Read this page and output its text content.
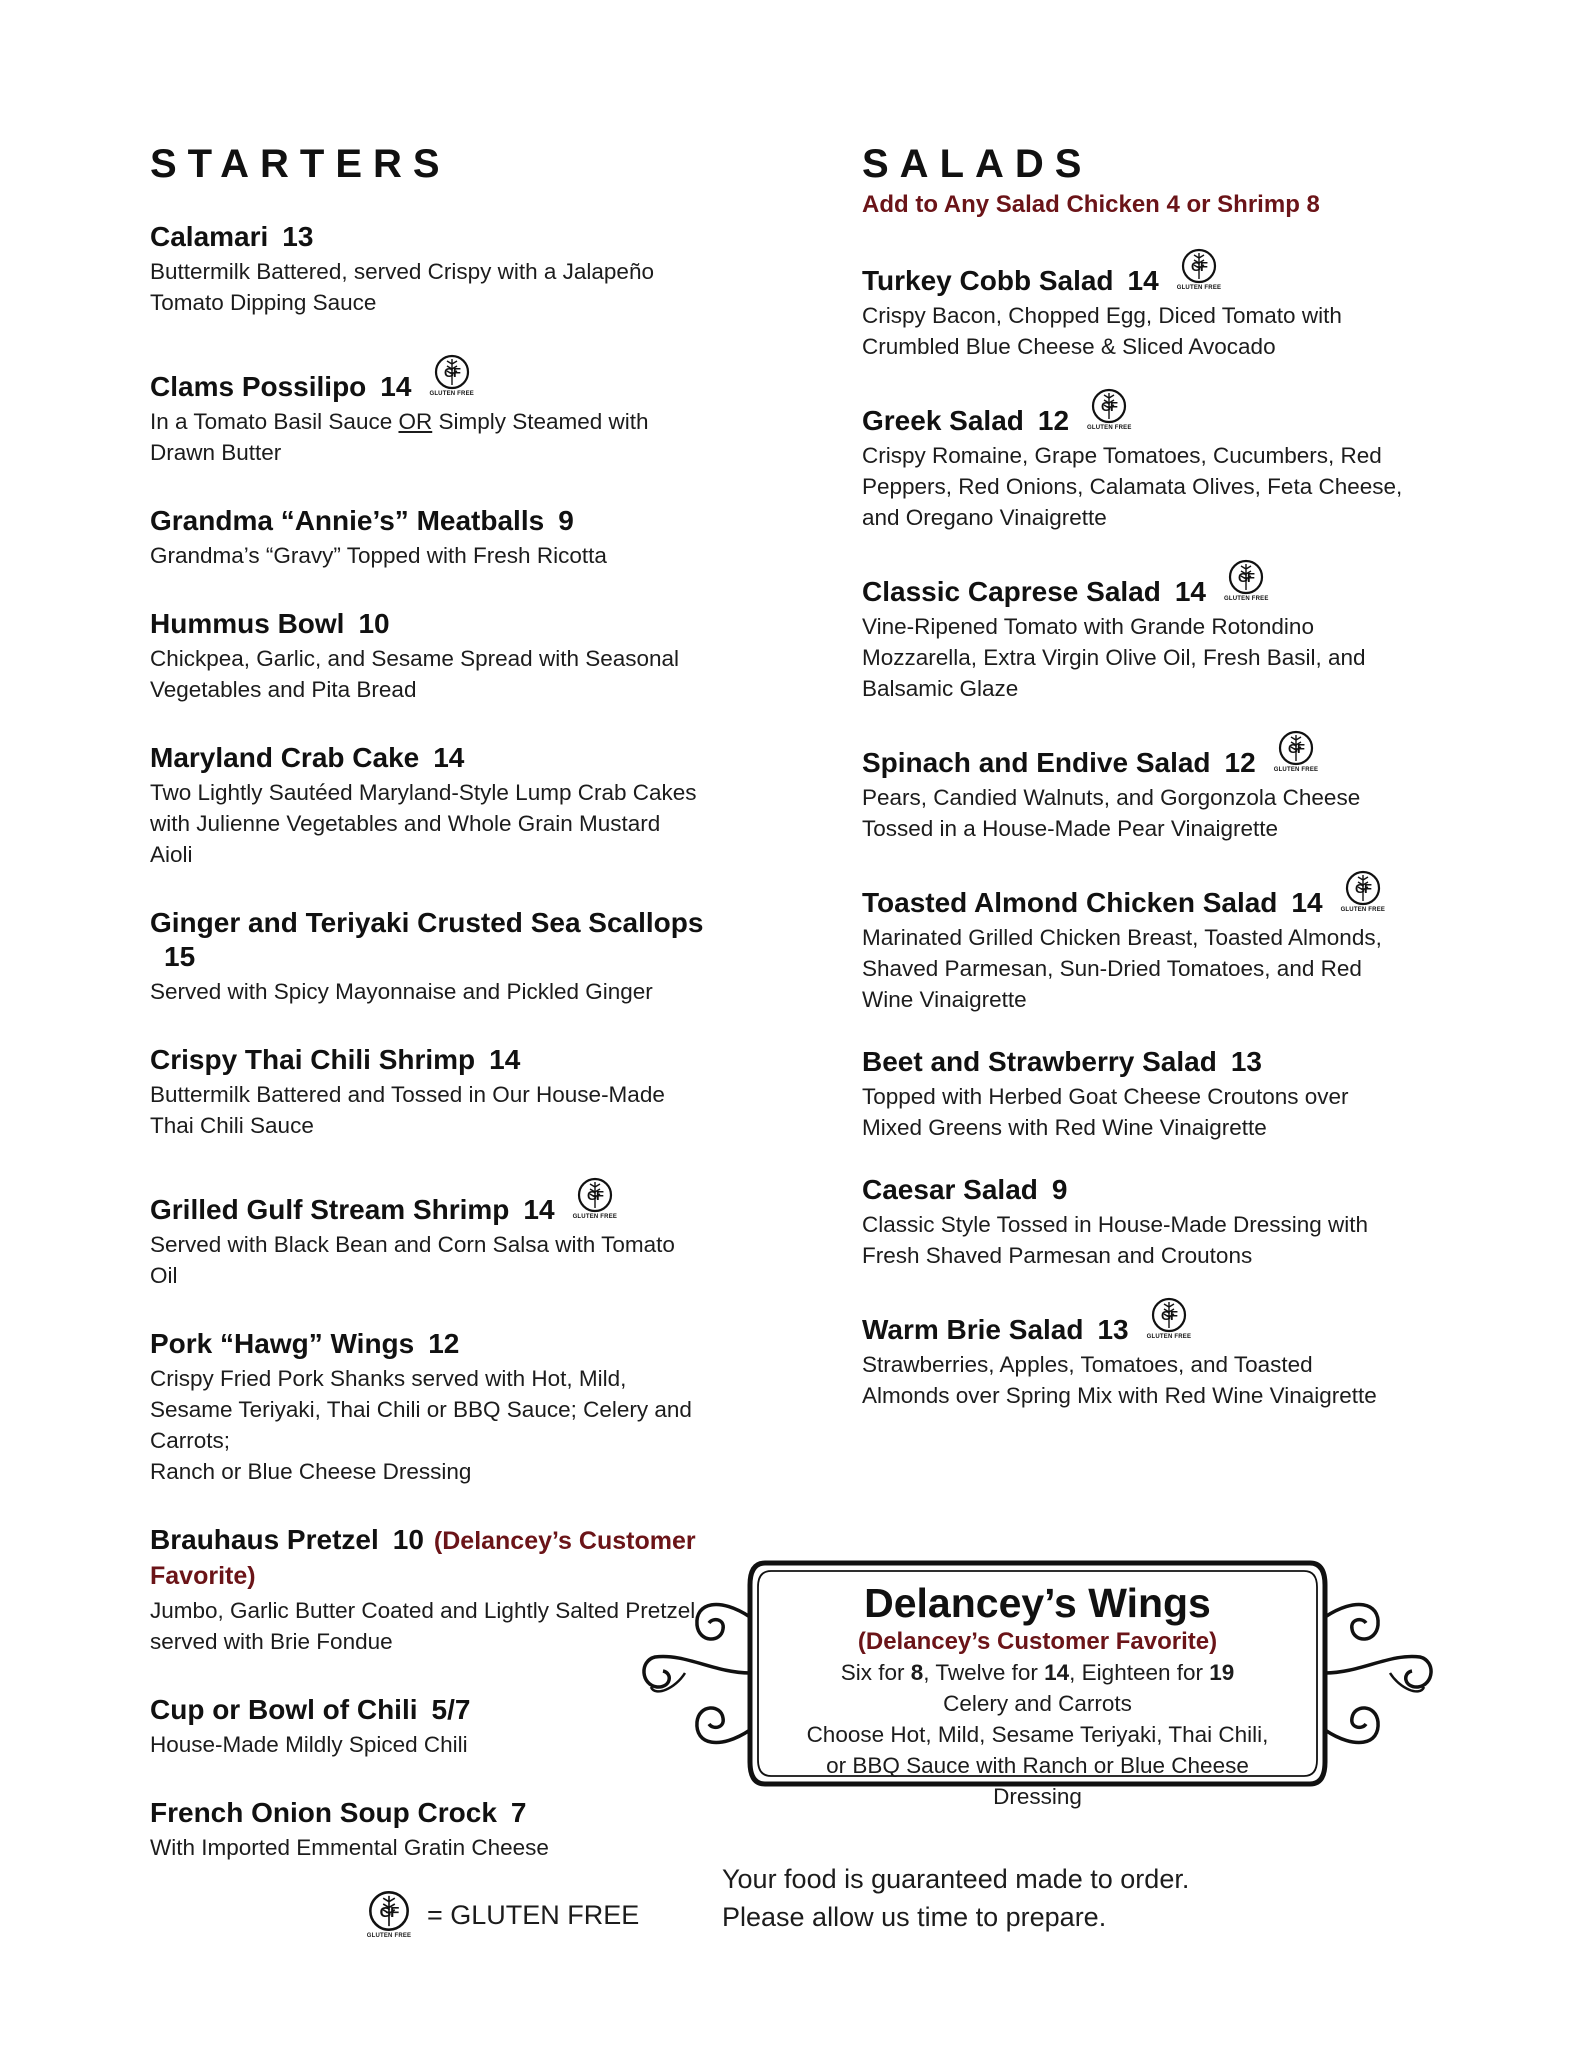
STARTERS
Calamari 13
Buttermilk Battered, served Crispy with a Jalapeño
Tomato Dipping Sauce
Clams Possilipo 14 G
F
GLUTEN FREE
In a Tomato Basil Sauce OR Simply Steamed with
Drawn Butter
Grandma “Annie’s” Meatballs 9
Grandma’s “Gravy” Topped with Fresh Ricotta
Hummus Bowl 10
Chickpea, Garlic, and Sesame Spread with Seasonal
Vegetables and Pita Bread
Maryland Crab Cake 14
Two Lightly Sautéed Maryland-Style Lump Crab Cakes
with Julienne Vegetables and Whole Grain Mustard
Aioli
Ginger and Teriyaki Crusted Sea Scallops
15
Served with Spicy Mayonnaise and Pickled Ginger
Crispy Thai Chili Shrimp 14
Buttermilk Battered and Tossed in Our House-Made
Thai Chili Sauce
Grilled Gulf Stream Shrimp 14 G
F
GLUTEN FREE
Served with Black Bean and Corn Salsa with Tomato
Oil
Pork “Hawg” Wings 12
Crispy Fried Pork Shanks served with Hot, Mild,
Sesame Teriyaki, Thai Chili or BBQ Sauce; Celery and
Carrots;
Ranch or Blue Cheese Dressing
Brauhaus Pretzel 10 (Delancey’s Customer Favorite)
Jumbo, Garlic Butter Coated and Lightly Salted Pretzel
served with Brie Fondue
Cup or Bowl of Chili 5/7
House-Made Mildly Spiced Chili
French Onion Soup Crock 7
With Imported Emmental Gratin Cheese
SALADS
Add to Any Salad Chicken 4 or Shrimp 8
Turkey Cobb Salad 14 G
F
GLUTEN FREE
Crispy Bacon, Chopped Egg, Diced Tomato with
Crumbled Blue Cheese & Sliced Avocado
Greek Salad 12 G
F
GLUTEN FREE
Crispy Romaine, Grape Tomatoes, Cucumbers, Red
Peppers, Red Onions, Calamata Olives, Feta Cheese,
and Oregano Vinaigrette
Classic Caprese Salad 14 G
F
GLUTEN FREE
Vine-Ripened Tomato with Grande Rotondino
Mozzarella, Extra Virgin Olive Oil, Fresh Basil, and
Balsamic Glaze
Spinach and Endive Salad 12 G
F
GLUTEN FREE
Pears, Candied Walnuts, and Gorgonzola Cheese
Tossed in a House-Made Pear Vinaigrette
Toasted Almond Chicken Salad 14 G
F
GLUTEN FREE
Marinated Grilled Chicken Breast, Toasted Almonds,
Shaved Parmesan, Sun-Dried Tomatoes, and Red
Wine Vinaigrette
Beet and Strawberry Salad 13
Topped with Herbed Goat Cheese Croutons over
Mixed Greens with Red Wine Vinaigrette
Caesar Salad 9
Classic Style Tossed in House-Made Dressing with
Fresh Shaved Parmesan and Croutons
Warm Brie Salad 13 G
F
GLUTEN FREE
Strawberries, Apples, Tomatoes, and Toasted
Almonds over Spring Mix with Red Wine Vinaigrette
Delancey’s Wings
(Delancey’s Customer Favorite)
Six for 8, Twelve for 14, Eighteen for 19
Celery and Carrots
Choose Hot, Mild, Sesame Teriyaki, Thai Chili,
or BBQ Sauce with Ranch or Blue Cheese Dressing
G
F
GLUTEN FREE
= GLUTEN FREE
Your food is guaranteed made to order.
Please allow us time to prepare.
